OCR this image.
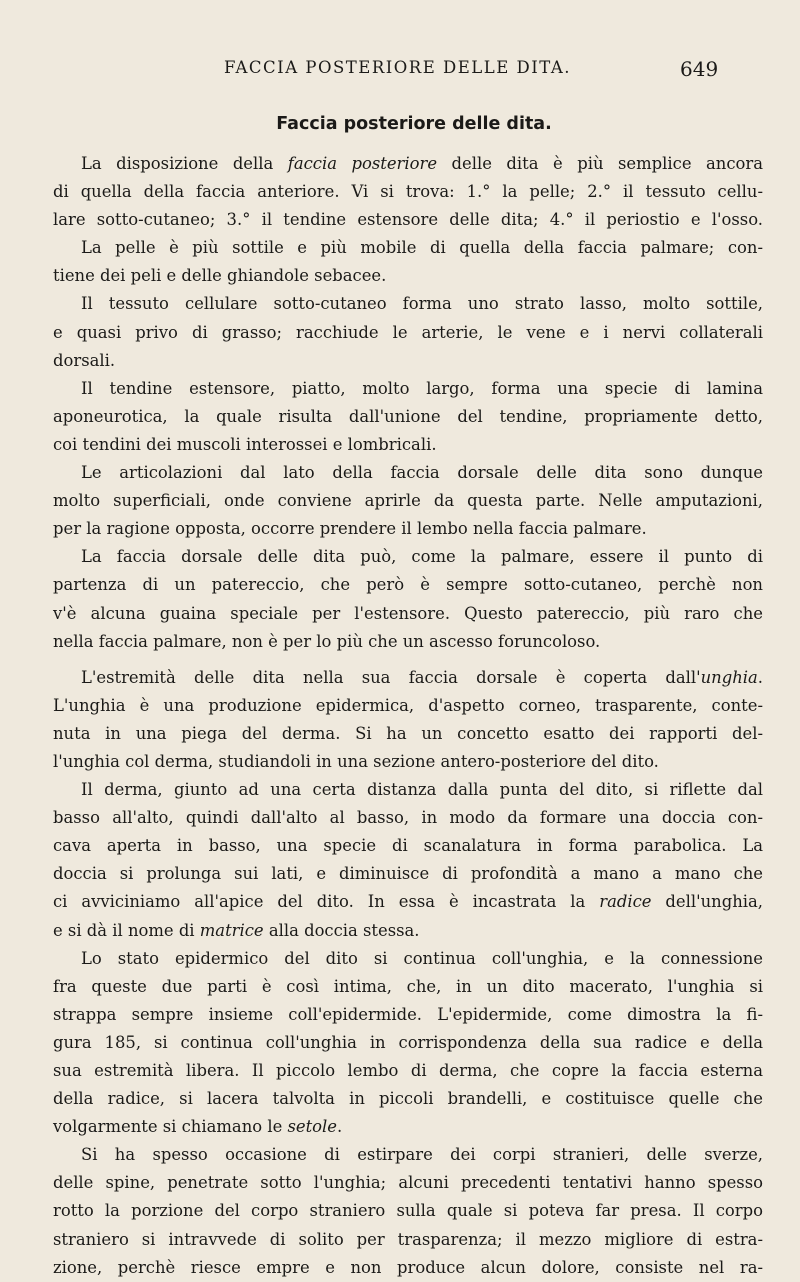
FACCIA POSTERIORE DELLE DITA.	649
Faccia posteriore delle dita.
La disposizione della faccia posteriore delle dita è più semplice ancora
di quella della faccia anteriore. Vi si trova: 1.° la pelle; 2.° il tessuto cellu-
lare sotto-cutaneo; 3.° il tendine estensore delle dita; 4.° il periostio e l'osso.
La pelle è più sottile e più mobile di quella della faccia palmare; con-
tiene dei peli e delle ghiandole sebacee.
Il tessuto cellulare sotto-cutaneo forma uno strato lasso, molto sottile,
e quasi privo di grasso; racchiude le arterie, le vene e i nervi collaterali
dorsali.
Il tendine estensore, piatto, molto largo, forma una specie di lamina
aponeurotica, la quale risulta dall'unione del tendine, propriamente detto,
coi tendini dei muscoli interossei e lombricali.
Le articolazioni dal lato della faccia dorsale delle dita sono dunque
molto superficiali, onde conviene aprirle da questa parte. Nelle amputazioni,
per la ragione opposta, occorre prendere il lembo nella faccia palmare.
La faccia dorsale delle dita può, come la palmare, essere il punto di
partenza di un patereccio, che però è sempre sotto-cutaneo, perchè non
v'è alcuna guaina speciale per l'estensore. Questo patereccio, più raro che
nella faccia palmare, non è per lo più che un ascesso foruncoloso.
L'estremità delle dita nella sua faccia dorsale è coperta dall'unghia.
L'unghia è una produzione epidermica, d'aspetto corneo, trasparente, conte-
nuta in una piega del derma. Si ha un concetto esatto dei rapporti del-
l'unghia col derma, studiandoli in una sezione antero-posteriore del dito.
Il derma, giunto ad una certa distanza dalla punta del dito, si riflette dal
basso all'alto, quindi dall'alto al basso, in modo da formare una doccia con-
cava aperta in basso, una specie di scanalatura in forma parabolica. La
doccia si prolunga sui lati, e diminuisce di profondità a mano a mano che
ci avviciniamo all'apice del dito. In essa è incastrata la radice dell'unghia,
e si dà il nome di matrice alla doccia stessa.
Lo stato epidermico del dito si continua coll'unghia, e la connessione
fra queste due parti è così intima, che, in un dito macerato, l'unghia si
strappa sempre insieme coll'epidermide. L'epidermide, come dimostra la fi-
gura 185, si continua coll'unghia in corrispondenza della sua radice e della
sua estremità libera. Il piccolo lembo di derma, che copre la faccia esterna
della radice, si lacera talvolta in piccoli brandelli, e costituisce quelle che
volgarmente si chiamano le setole.
Si ha spesso occasione di estirpare dei corpi stranieri, delle sverze,
delle spine, penetrate sotto l'unghia; alcuni precedenti tentativi hanno spesso
rotto la porzione del corpo straniero sulla quale si poteva far presa. Il corpo
straniero si intravvede di solito per trasparenza; il mezzo migliore di estra-
zione, perchè riesce empre e non produce alcun dolore, consiste nel ra-
